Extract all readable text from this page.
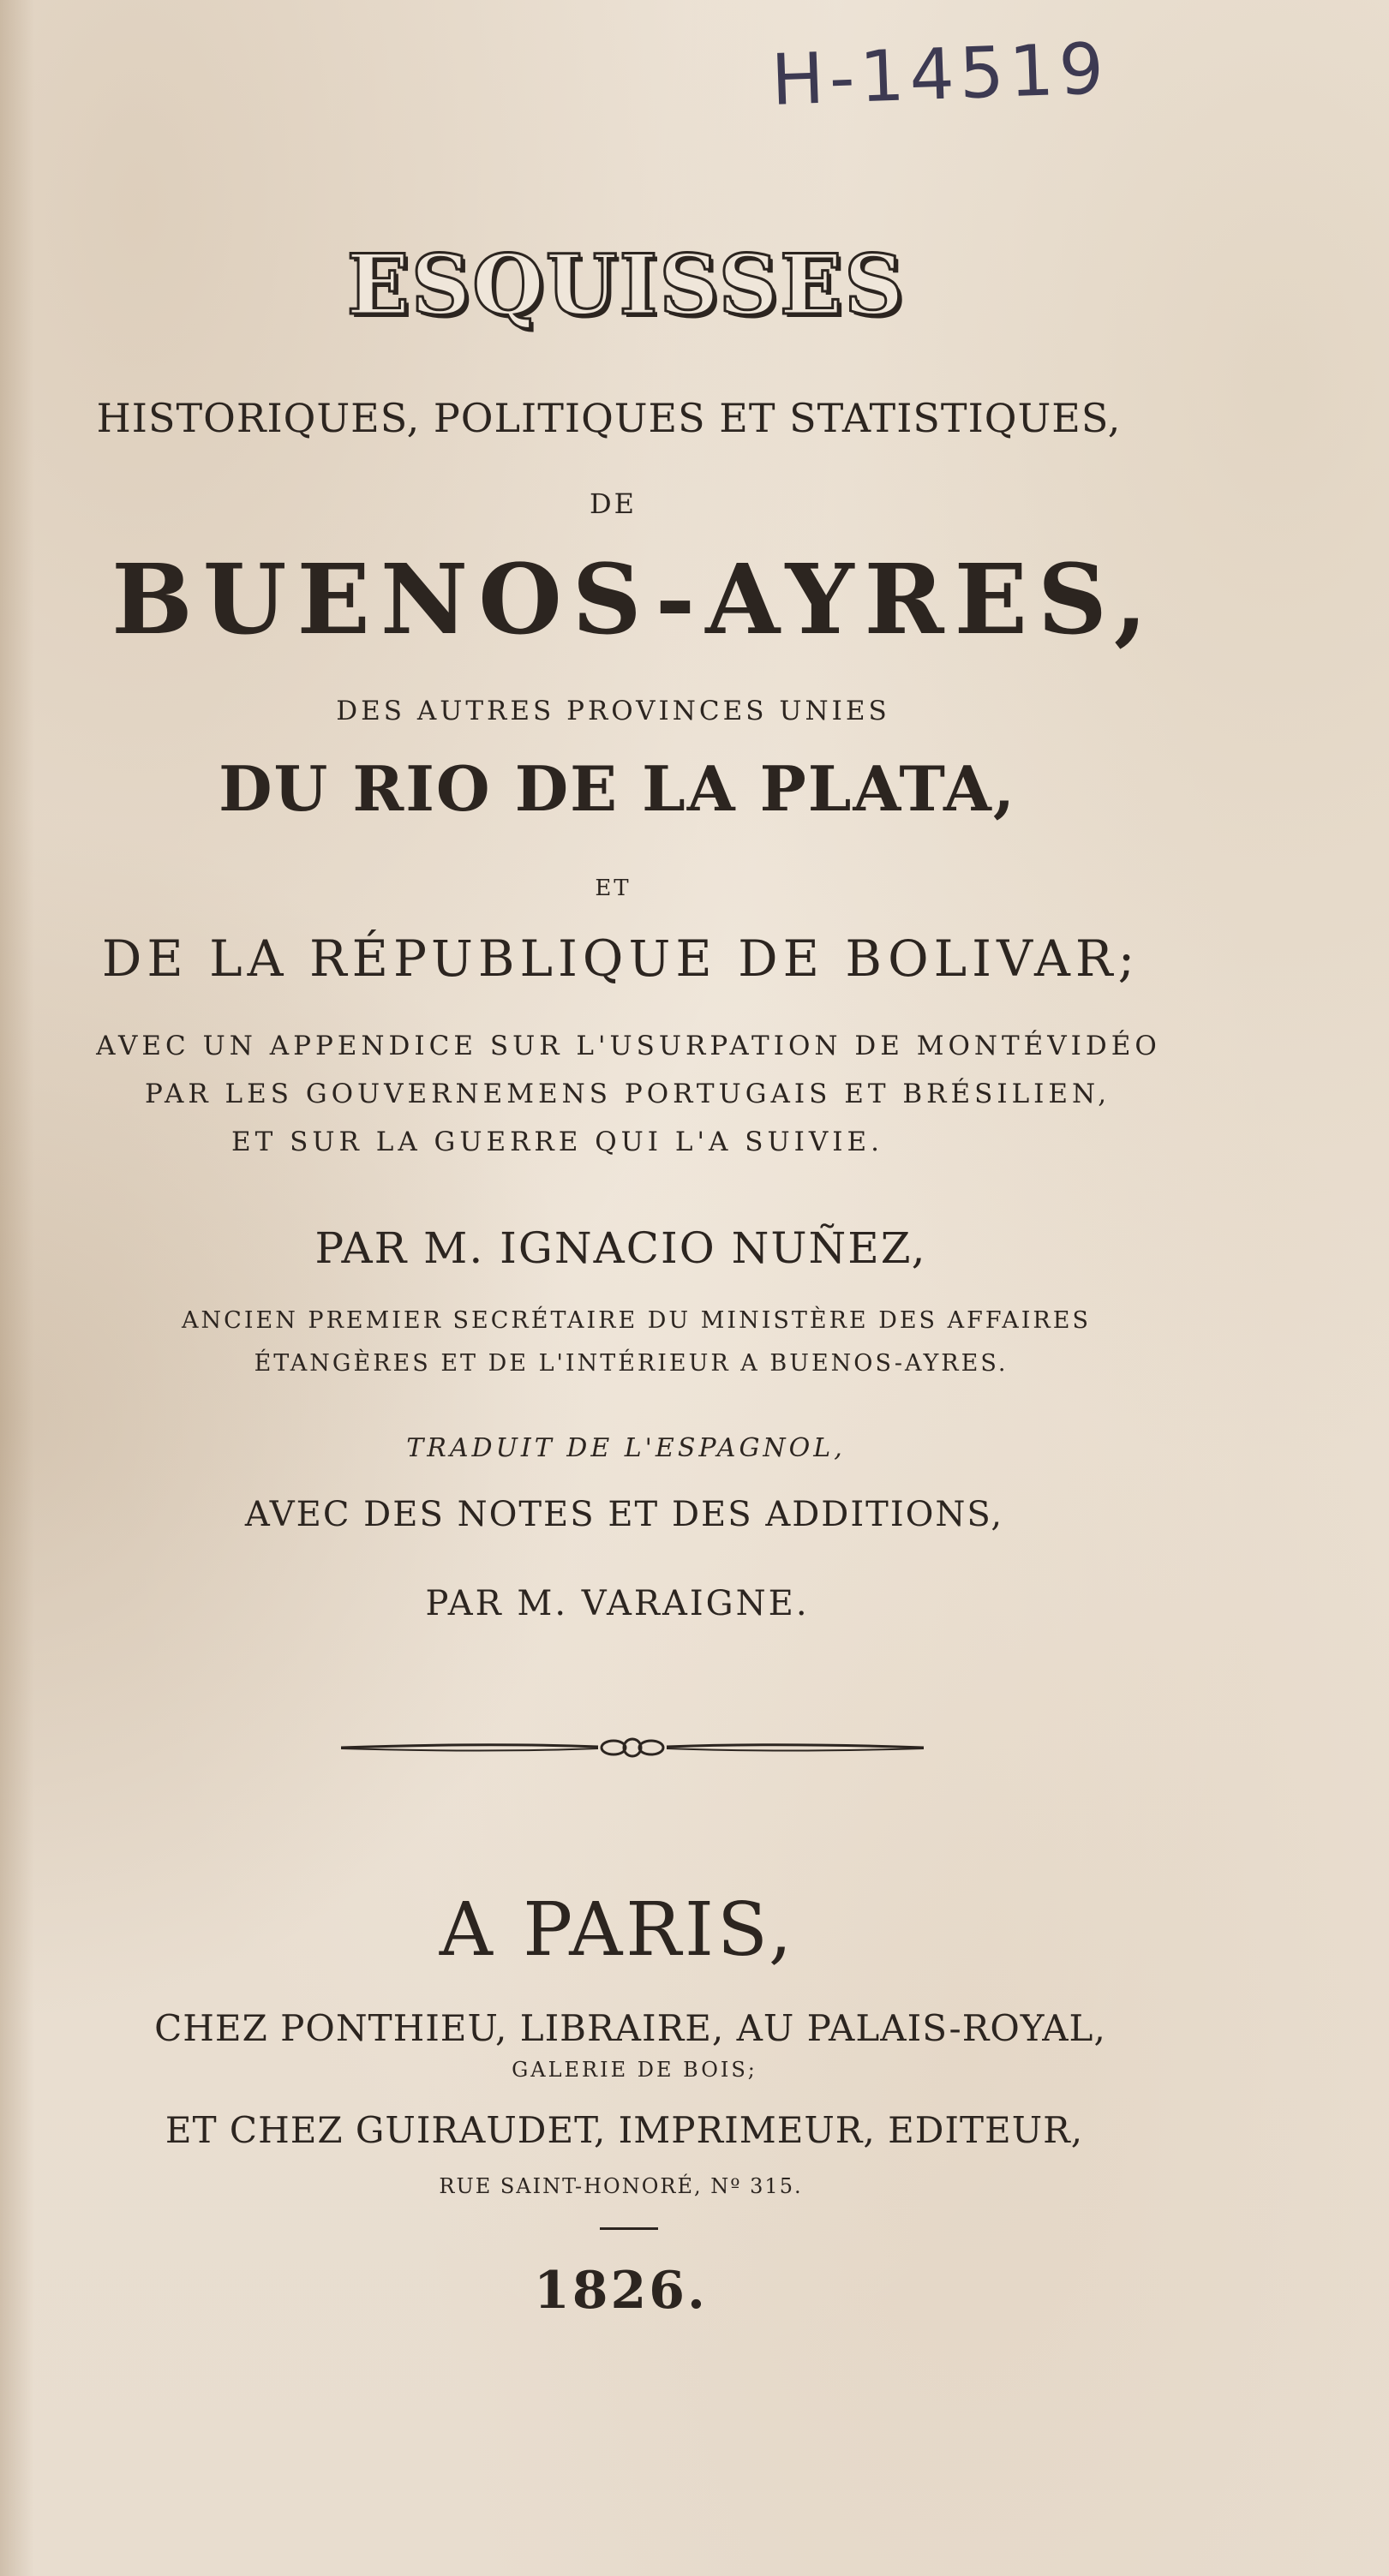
H-14519
ESQUISSES
HISTORIQUES, POLITIQUES ET STATISTIQUES,
DE
BUENOS-AYRES,
DES AUTRES PROVINCES UNIES
DU RIO DE LA PLATA,
ET
DE LA RÉPUBLIQUE DE BOLIVAR;
AVEC UN APPENDICE SUR L'USURPATION DE MONTÉVIDÉO
PAR LES GOUVERNEMENS PORTUGAIS ET BRÉSILIEN,
ET SUR LA GUERRE QUI L'A SUIVIE.
PAR M. IGNACIO NUÑEZ,
ANCIEN PREMIER SECRÉTAIRE DU MINISTÈRE DES AFFAIRES
ÉTANGÈRES ET DE L'INTÉRIEUR A BUENOS-AYRES.
TRADUIT DE L'ESPAGNOL,
AVEC DES NOTES ET DES ADDITIONS,
PAR M. VARAIGNE.
A PARIS,
CHEZ PONTHIEU, LIBRAIRE, AU PALAIS-ROYAL,
GALERIE DE BOIS;
ET CHEZ GUIRAUDET, IMPRIMEUR, EDITEUR,
RUE SAINT-HONORÉ, Nº 315.
1826.
